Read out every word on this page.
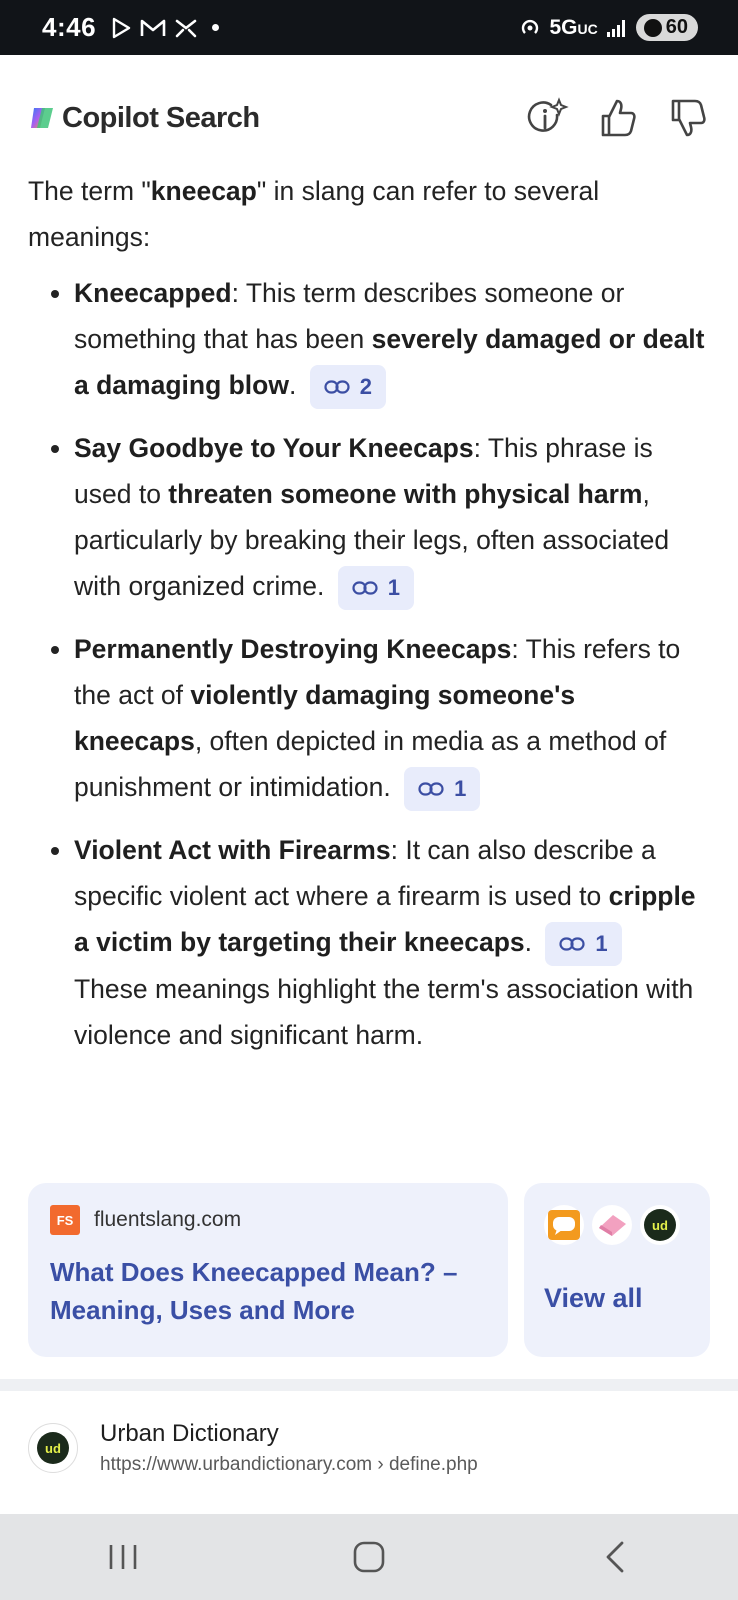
4:46	5GUC	60
Copilot Search

The term "kneecap" in slang can refer to several meanings:

• Kneecapped: This term describes someone or something that has been severely damaged or dealt a damaging blow.	2
• Say Goodbye to Your Kneecaps: This phrase is used to threaten someone with physical harm, particularly by breaking their legs, often associated with organized crime.	1
• Permanently Destroying Kneecaps: This refers to the act of violently damaging someone's kneecaps, often depicted in media as a method of punishment or intimidation.	1
• Violent Act with Firearms: It can also describe a specific violent act where a firearm is used to cripple a victim by targeting their kneecaps.	1
These meanings highlight the term's association with violence and significant harm.
FS fluentslang.com
What Does Kneecapped Mean? – Meaning, Uses and More
ud
View all
ud
Urban Dictionary
https://www.urbandictionary.com › define.php
